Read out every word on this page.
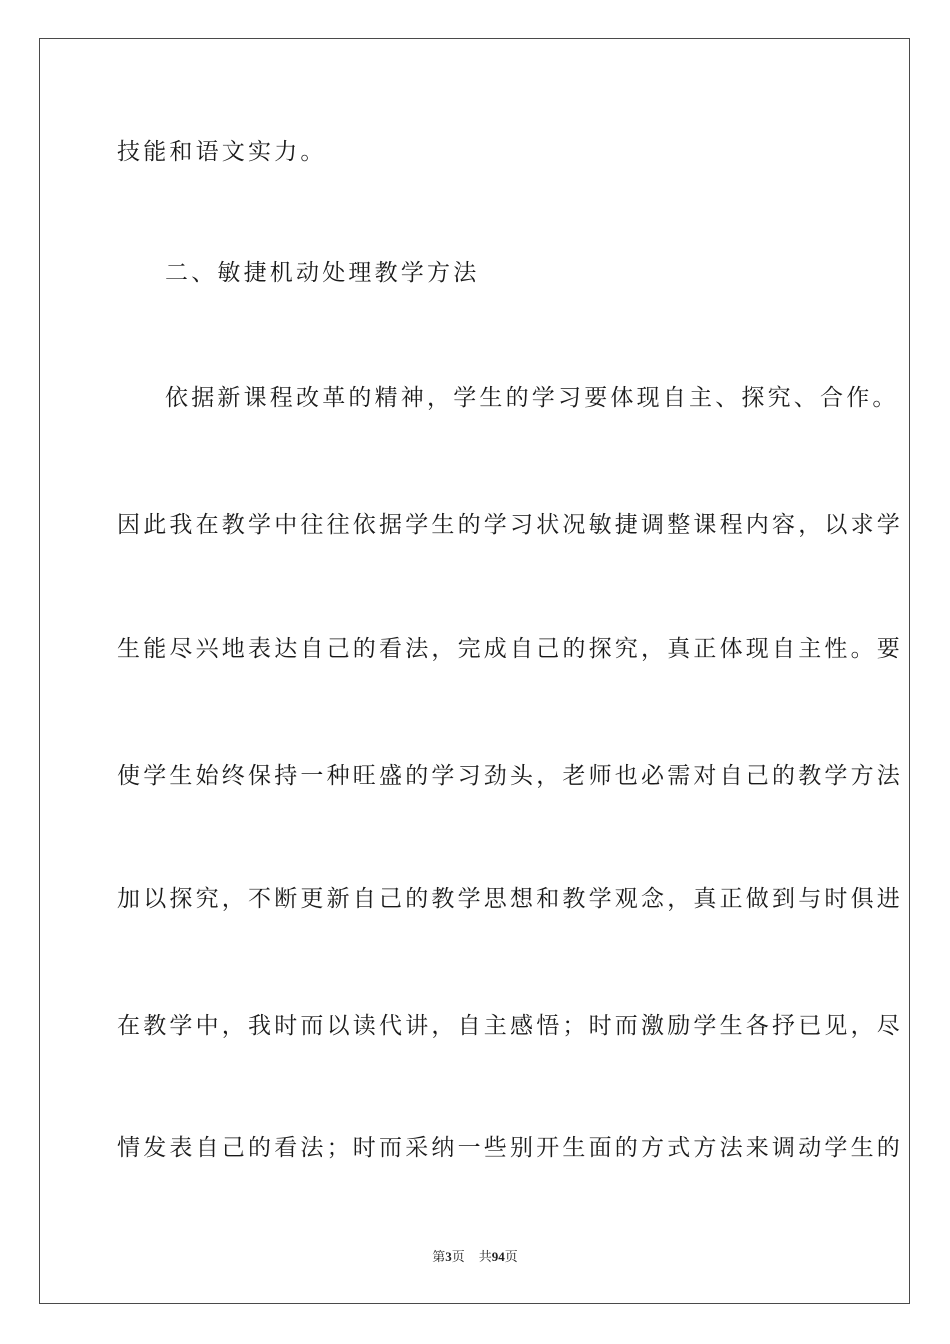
技能和语文实力。
二、敏捷机动处理教学方法
依据新课程改革的精神，学生的学习要体现自主、探究、合作。
因此我在教学中往往依据学生的学习状况敏捷调整课程内容，以求学
生能尽兴地表达自己的看法，完成自己的探究，真正体现自主性。要
使学生始终保持一种旺盛的学习劲头，老师也必需对自己的教学方法
加以探究，不断更新自己的教学思想和教学观念，真正做到与时俱进
在教学中，我时而以读代讲，自主感悟；时而激励学生各抒已见，尽
情发表自己的看法；时而采纳一些别开生面的方式方法来调动学生的
第3页 共94页
